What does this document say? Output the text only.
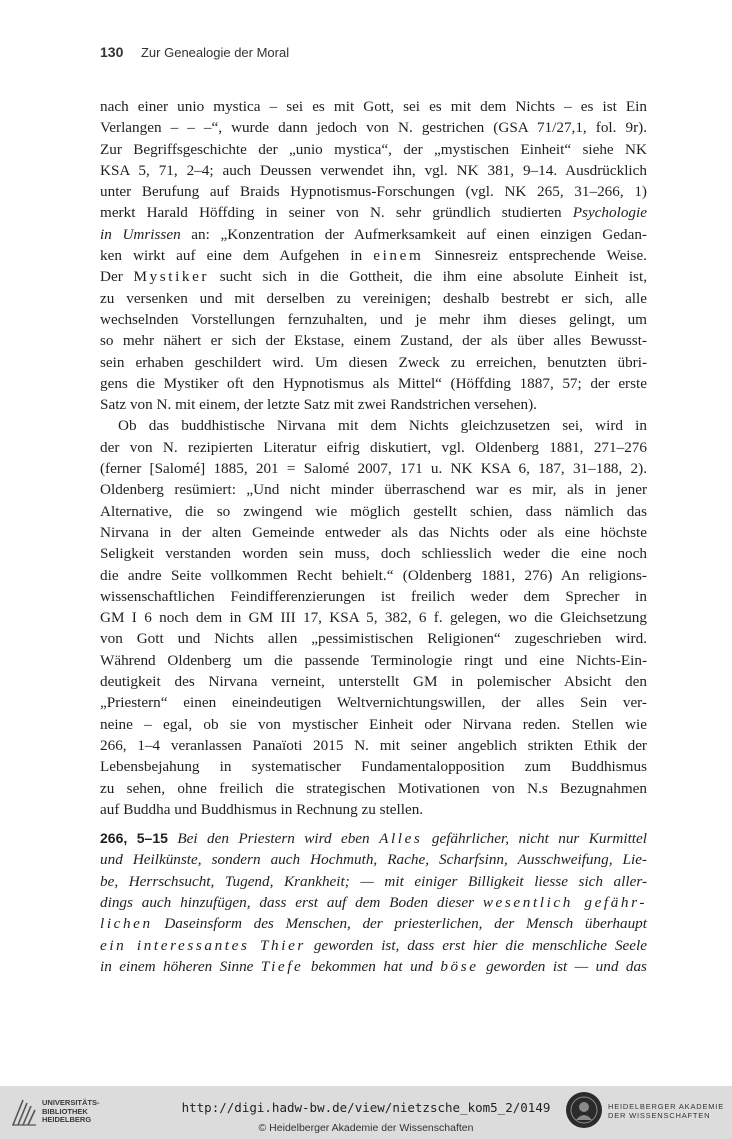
130 Zur Genealogie der Moral
nach einer unio mystica – sei es mit Gott, sei es mit dem Nichts – es ist Ein
Verlangen – – –“, wurde dann jedoch von N. gestrichen (GSA 71/27,1, fol. 9r).
Zur Begriffsgeschichte der „unio mystica“, der „mystischen Einheit“ siehe NK
KSA 5, 71, 2–4; auch Deussen verwendet ihn, vgl. NK 381, 9–14. Ausdrücklich
unter Berufung auf Braids Hypnotismus-Forschungen (vgl. NK 265, 31–266, 1)
merkt Harald Höffding in seiner von N. sehr gründlich studierten Psychologie
in Umrissen an: „Konzentration der Aufmerksamkeit auf einen einzigen Gedan-
ken wirkt auf eine dem Aufgehen in einem Sinnesreiz entsprechende Weise.
Der Mystiker sucht sich in die Gottheit, die ihm eine absolute Einheit ist,
zu versenken und mit derselben zu vereinigen; deshalb bestrebt er sich, alle
wechselnden Vorstellungen fernzuhalten, und je mehr ihm dieses gelingt, um
so mehr nähert er sich der Ekstase, einem Zustand, der als über alles Bewusst-
sein erhaben geschildert wird. Um diesen Zweck zu erreichen, benutzten übri-
gens die Mystiker oft den Hypnotismus als Mittel“ (Höffding 1887, 57; der erste
Satz von N. mit einem, der letzte Satz mit zwei Randstrichen versehen).
Ob das buddhistische Nirvana mit dem Nichts gleichzusetzen sei, wird in
der von N. rezipierten Literatur eifrig diskutiert, vgl. Oldenberg 1881, 271–276
(ferner [Salomé] 1885, 201 = Salomé 2007, 171 u. NK KSA 6, 187, 31–188, 2).
Oldenberg resümiert: „Und nicht minder überraschend war es mir, als in jener
Alternative, die so zwingend wie möglich gestellt schien, dass nämlich das
Nirvana in der alten Gemeinde entweder als das Nichts oder als eine höchste
Seligkeit verstanden worden sein muss, doch schliesslich weder die eine noch
die andre Seite vollkommen Recht behielt.“ (Oldenberg 1881, 276) An religions-
wissenschaftlichen Feindifferenzierungen ist freilich weder dem Sprecher in
GM I 6 noch dem in GM III 17, KSA 5, 382, 6 f. gelegen, wo die Gleichsetzung
von Gott und Nichts allen „pessimistischen Religionen“ zugeschrieben wird.
Während Oldenberg um die passende Terminologie ringt und eine Nichts-Ein-
deutigkeit des Nirvana verneint, unterstellt GM in polemischer Absicht den
„Priestern“ einen eineindeutigen Weltvernichtungswillen, der alles Sein ver-
neine – egal, ob sie von mystischer Einheit oder Nirvana reden. Stellen wie
266, 1–4 veranlassen Panaïoti 2015 N. mit seiner angeblich strikten Ethik der
Lebensbejahung in systematischer Fundamentalopposition zum Buddhismus
zu sehen, ohne freilich die strategischen Motivationen von N.s Bezugnahmen
auf Buddha und Buddhismus in Rechnung zu stellen.
266, 5–15 Bei den Priestern wird eben Alles gefährlicher, nicht nur Kurmittel
und Heilkünste, sondern auch Hochmuth, Rache, Scharfsinn, Ausschweifung, Lie-
be, Herrschsucht, Tugend, Krankheit; — mit einiger Billigkeit liesse sich aller-
dings auch hinzufügen, dass erst auf dem Boden dieser wesentlich gefähr-
lichen Daseinsform des Menschen, der priesterlichen, der Mensch überhaupt
ein interessantes Thier geworden ist, dass erst hier die menschliche Seele
in einem höheren Sinne Tiefe bekommen hat und böse geworden ist — und das
UNIVERSITÄTS-
BIBLIOTHEK
HEIDELBERG
http://digi.hadw-bw.de/view/nietzsche_kom5_2/0149
© Heidelberger Akademie der Wissenschaften
HEIDELBERGER AKADEMIE
DER WISSENSCHAFTEN
